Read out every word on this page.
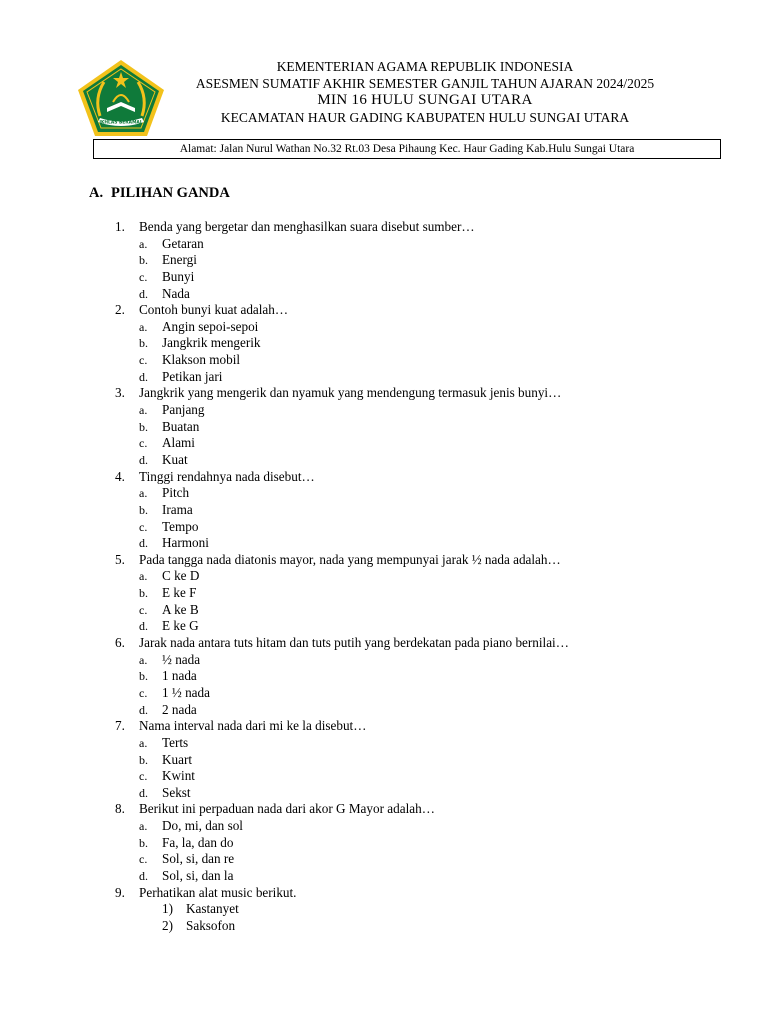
IKHLAS BERAMAL
KEMENTERIAN AGAMA REPUBLIK INDONESIA
ASESMEN SUMATIF AKHIR SEMESTER GANJIL TAHUN AJARAN 2024/2025
MIN 16 HULU SUNGAI UTARA
KECAMATAN HAUR GADING KABUPATEN HULU SUNGAI UTARA
Alamat: Jalan Nurul Wathan No.32 Rt.03 Desa Pihaung Kec. Haur Gading Kab.Hulu Sungai Utara
A. PILIHAN GANDA
1. Benda yang bergetar dan menghasilkan suara disebut sumber…
a. Getaran
b. Energi
c. Bunyi
d. Nada
2. Contoh bunyi kuat adalah…
a. Angin sepoi-sepoi
b. Jangkrik mengerik
c. Klakson mobil
d. Petikan jari
3. Jangkrik yang mengerik dan nyamuk yang mendengung termasuk jenis bunyi…
a. Panjang
b. Buatan
c. Alami
d. Kuat
4. Tinggi rendahnya nada disebut…
a. Pitch
b. Irama
c. Tempo
d. Harmoni
5. Pada tangga nada diatonis mayor, nada yang mempunyai jarak ½ nada adalah…
a. C ke D
b. E ke F
c. A ke B
d. E ke G
6. Jarak nada antara tuts hitam dan tuts putih yang berdekatan pada piano bernilai…
a. ½ nada
b. 1 nada
c. 1 ½ nada
d. 2 nada
7. Nama interval nada dari mi ke la disebut…
a. Terts
b. Kuart
c. Kwint
d. Sekst
8. Berikut ini perpaduan nada dari akor G Mayor adalah…
a. Do, mi, dan sol
b. Fa, la, dan do
c. Sol, si, dan re
d. Sol, si, dan la
9. Perhatikan alat music berikut.
1) Kastanyet
2) Saksofon
